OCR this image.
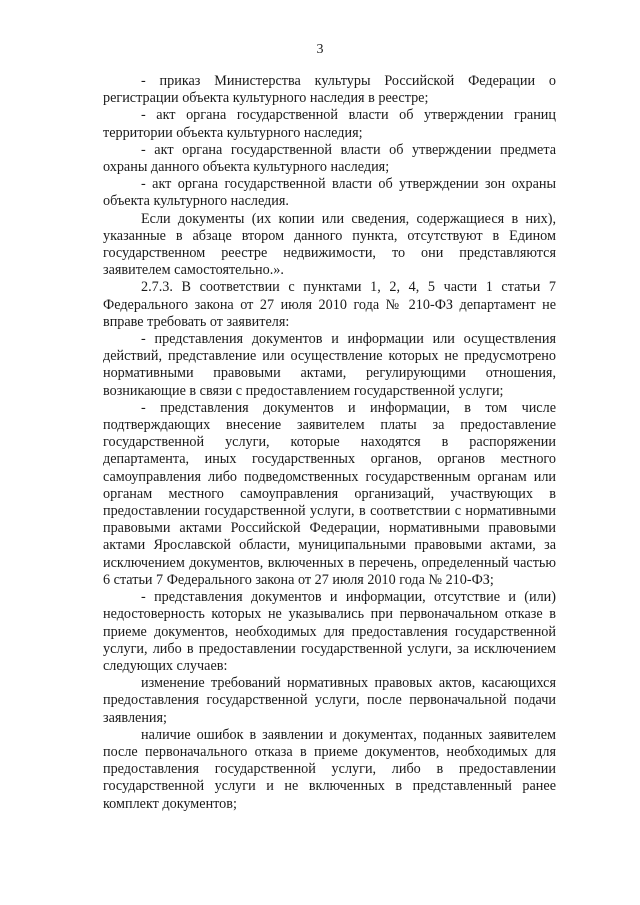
3

- приказ Министерства культуры Российской Федерации о регистрации объекта культурного наследия в реестре;

- акт органа государственной власти об утверждении границ территории объекта культурного наследия;

- акт органа государственной власти об утверждении предмета охраны данного объекта культурного наследия;

- акт органа государственной власти об утверждении зон охраны объекта культурного наследия.

Если документы (их копии или сведения, содержащиеся в них), указанные в абзаце втором данного пункта, отсутствуют в Едином государственном реестре недвижимости, то они представляются заявителем самостоятельно.».

2.7.3. В соответствии с пунктами 1, 2, 4, 5 части 1 статьи 7 Федерального закона от 27 июля 2010 года № 210-ФЗ департамент не вправе требовать от заявителя:

- представления документов и информации или осуществления действий, представление или осуществление которых не предусмотрено нормативными правовыми актами, регулирующими отношения, возникающие в связи с предоставлением государственной услуги;

- представления документов и информации, в том числе подтверждающих внесение заявителем платы за предоставление государственной услуги, которые находятся в распоряжении департамента, иных государственных органов, органов местного самоуправления либо подведомственных государственным органам или органам местного самоуправления организаций, участвующих в предоставлении государственной услуги, в соответствии с нормативными правовыми актами Российской Федерации, нормативными правовыми актами Ярославской области, муниципальными правовыми актами, за исключением документов, включенных в перечень, определенный частью 6 статьи 7 Федерального закона от 27 июля 2010 года № 210-ФЗ;

- представления документов и информации, отсутствие и (или) недостоверность которых не указывались при первоначальном отказе в приеме документов, необходимых для предоставления государственной услуги, либо в предоставлении государственной услуги, за исключением следующих случаев:

изменение требований нормативных правовых актов, касающихся предоставления государственной услуги, после первоначальной подачи заявления;

наличие ошибок в заявлении и документах, поданных заявителем после первоначального отказа в приеме документов, необходимых для предоставления государственной услуги, либо в предоставлении государственной услуги и не включенных в представленный ранее комплект документов;
